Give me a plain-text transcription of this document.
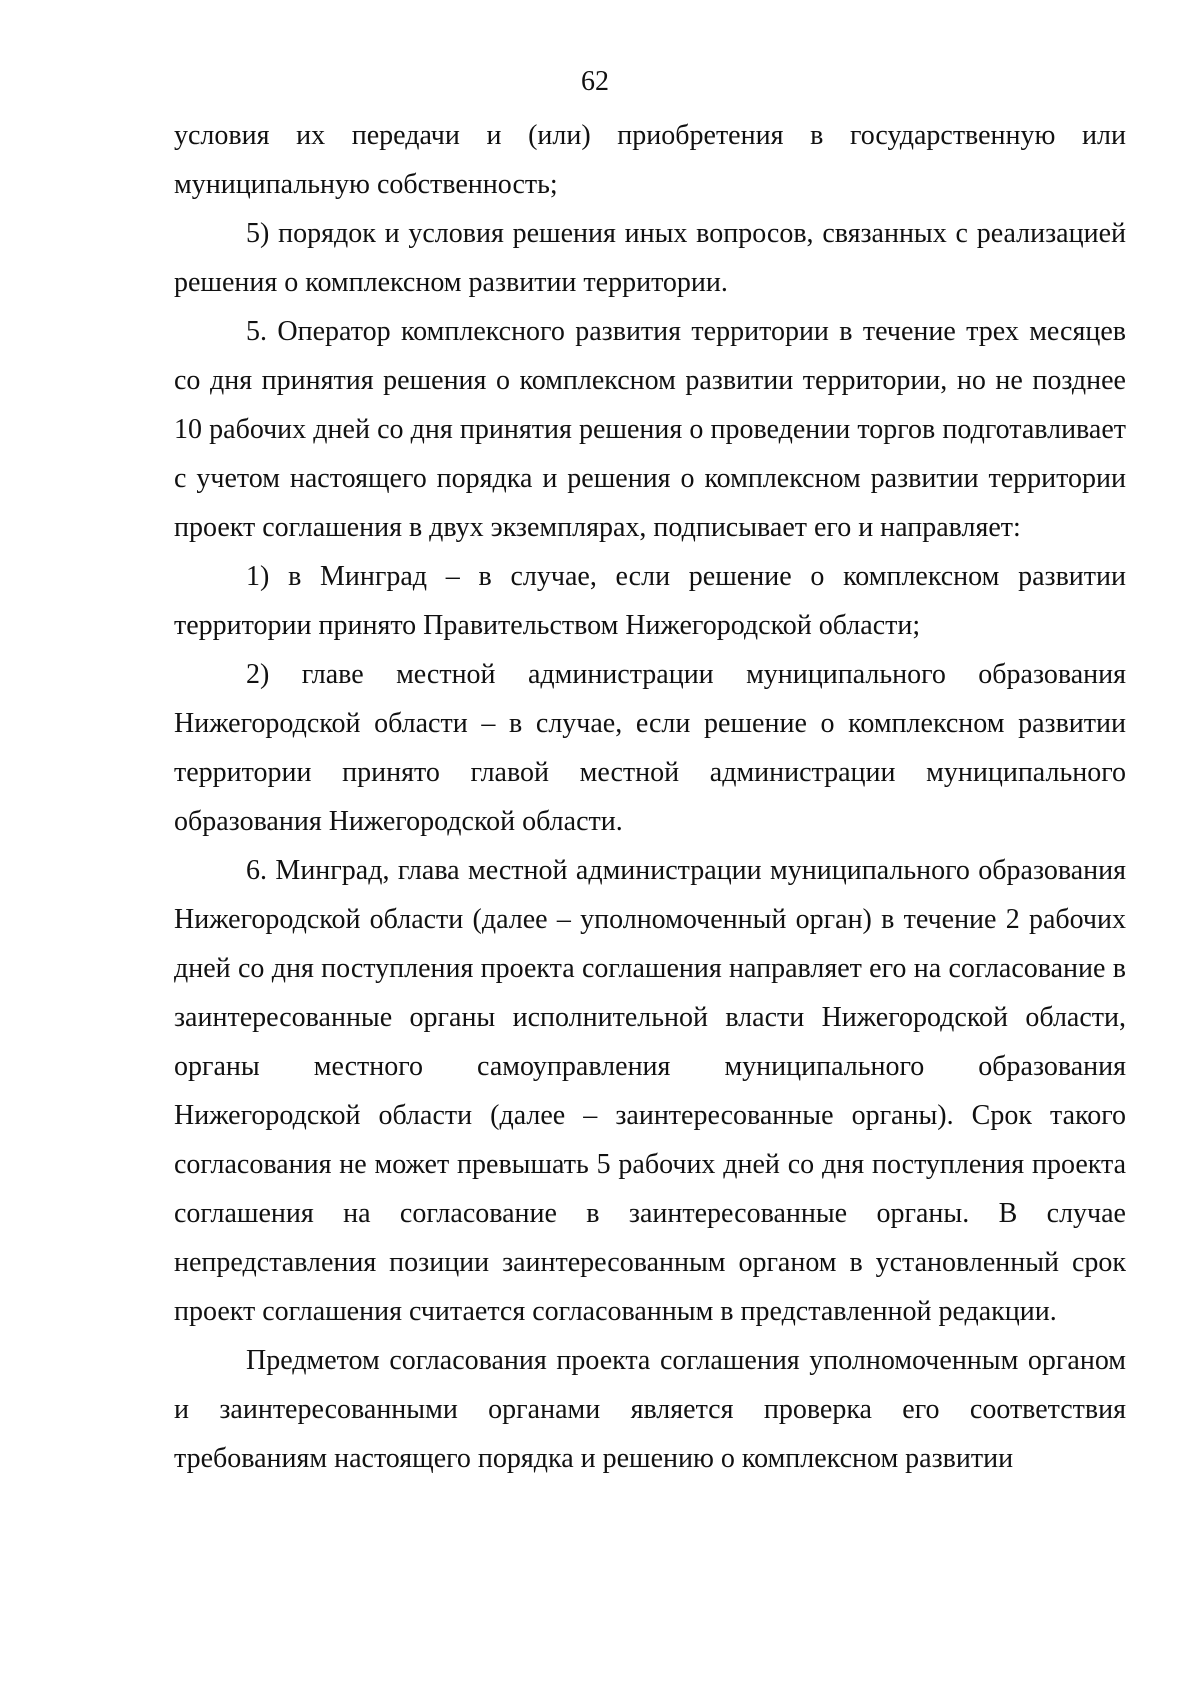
62

условия их передачи и (или) приобретения в государственную или муниципальную собственность;

5) порядок и условия решения иных вопросов, связанных с реализацией решения о комплексном развитии территории.

5. Оператор комплексного развития территории в течение трех месяцев со дня принятия решения о комплексном развитии территории, но не позднее 10 рабочих дней со дня принятия решения о проведении торгов подготавливает с учетом настоящего порядка и решения о комплексном развитии территории проект соглашения в двух экземплярах, подписывает его и направляет:

1) в Минград – в случае, если решение о комплексном развитии территории принято Правительством Нижегородской области;

2) главе местной администрации муниципального образования Нижегородской области – в случае, если решение о комплексном развитии территории принято главой местной администрации муниципального образования Нижегородской области.

6. Минград, глава местной администрации муниципального образования Нижегородской области (далее – уполномоченный орган) в течение 2 рабочих дней со дня поступления проекта соглашения направляет его на согласование в заинтересованные органы исполнительной власти Нижегородской области, органы местного самоуправления муниципального образования Нижегородской области (далее – заинтересованные органы). Срок такого согласования не может превышать 5 рабочих дней со дня поступления проекта соглашения на согласование в заинтересованные органы. В случае непредставления позиции заинтересованным органом в установленный срок проект соглашения считается согласованным в представленной редакции.

Предметом согласования проекта соглашения уполномоченным органом и заинтересованными органами является проверка его соответствия требованиям настоящего порядка и решению о комплексном развитии
